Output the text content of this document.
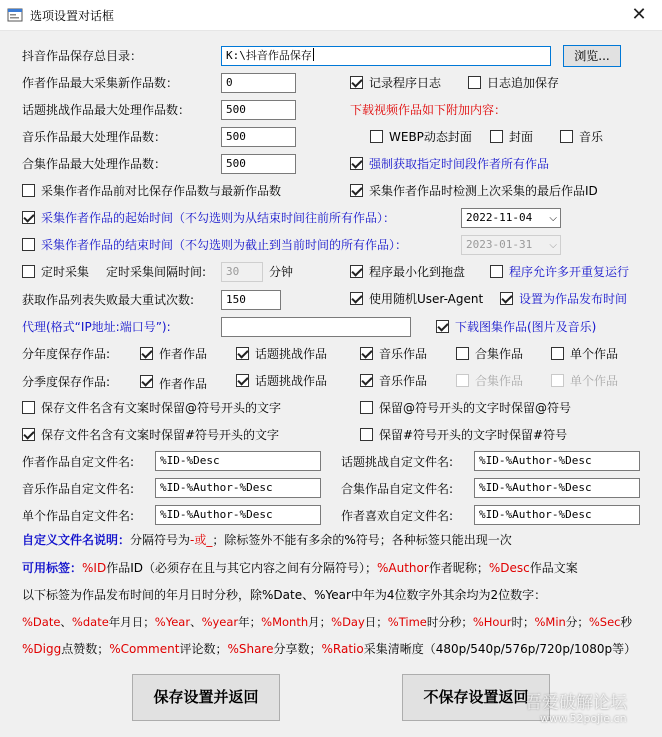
选项设置对话框	✕
抖音作品保存总目录：	K:\抖音作品保存	浏览...
作者作品最大采集新作品数：	0
话题挑战作品最大处理作品数：	500
音乐作品最大处理作品数：	500
合集作品最大处理作品数：	500
记录程序日志	日志追加保存
下载视频作品如下附加内容：
WEBP动态封面	封面	音乐
强制获取指定时间段作者所有作品
采集作者作品前对比保存作品数与最新作品数	采集作者作品时检测上次采集的最后作品ID
采集作者作品的起始时间（不勾选则为从结束时间往前所有作品）：	2022-11-04 ⌵
采集作者作品的结束时间（不勾选则为截止到当前时间的所有作品）：	2023-01-31 ⌵
定时采集 定时采集间隔时间:	30	分钟	程序最小化到拖盘	程序允许多开重复运行
获取作品列表失败最大重试次数:	150	使用随机User-Agent	设置为作品发布时间
代理(格式“IP地址:端口号”):	下载图集作品(图片及音乐)
分年度保存作品:	作者作品	话题挑战作品	音乐作品	合集作品	单个作品
分季度保存作品:	作者作品	话题挑战作品	音乐作品	合集作品	单个作品
保存文件名含有文案时保留@符号开头的文字	保留@符号开头的文字时保留@符号
保存文件名含有文案时保留#符号开头的文字	保留#符号开头的文字时保留#符号
作者作品自定文件名:	%ID-%Desc	话题挑战自定文件名:	%ID-%Author-%Desc
音乐作品自定文件名:	%ID-%Author-%Desc	合集作品自定文件名:	%ID-%Author-%Desc
单个作品自定文件名:	%ID-%Author-%Desc	作者喜欢自定文件名:	%ID-%Author-%Desc
自定义文件名说明：分隔符号为-或_；除标签外不能有多余的%符号；各种标签只能出现一次
可用标签：%ID作品ID（必须存在且与其它内容之间有分隔符号）；%Author作者昵称；%Desc作品文案
以下标签为作品发布时间的年月日时分秒，除%Date、%Year中年为4位数字外其余均为2位数字：
%Date、%date年月日；%Year、%year年；%Month月；%Day日；%Time时分秒；%Hour时；%Min分；%Sec秒
%Digg点赞数；%Comment评论数；%Share分享数；%Ratio采集清晰度（480p/540p/576p/720p/1080p等）
保存设置并返回	不保存设置返回
吾爱破解论坛
www.52pojie.cn
